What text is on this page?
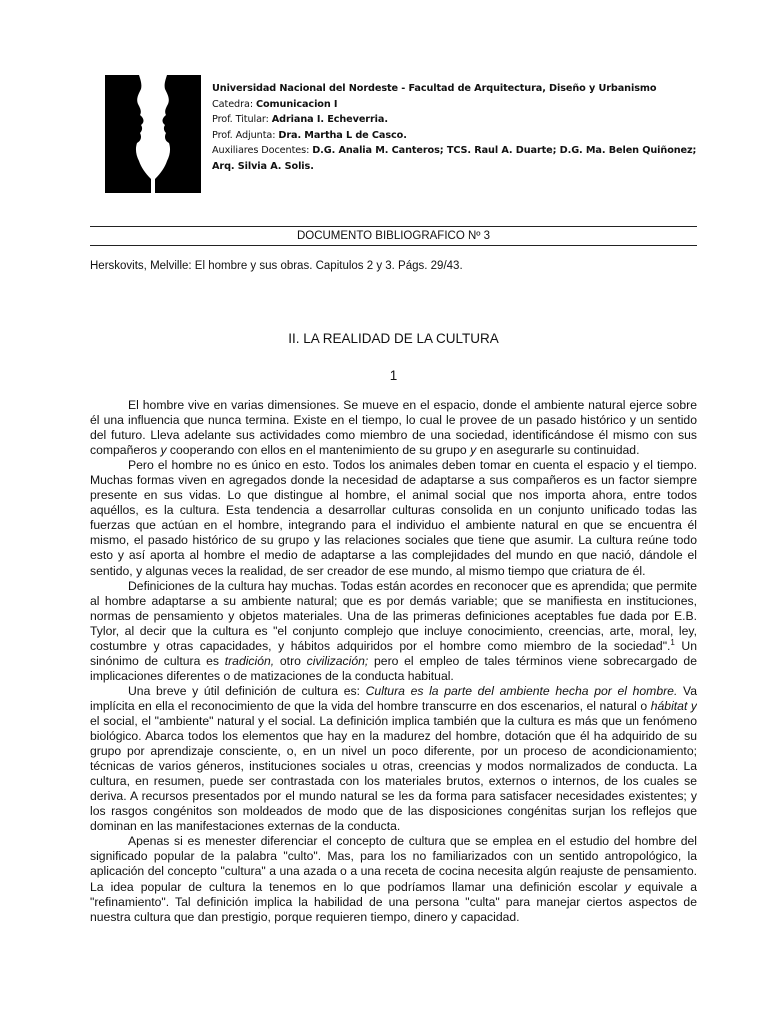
Universidad Nacional del Nordeste - Facultad de Arquitectura, Diseño y Urbanismo
Catedra: Comunicacion I
Prof. Titular: Adriana I. Echeverria.
Prof. Adjunta: Dra. Martha L de Casco.
Auxiliares Docentes: D.G. Analia M. Canteros; TCS. Raul A. Duarte; D.G. Ma. Belen Quiñonez;
Arq. Silvia A. Solis.
DOCUMENTO BIBLIOGRAFICO Nº 3
Herskovits, Melville: El hombre y sus obras. Capitulos 2 y 3. Págs. 29/43.
II. LA REALIDAD DE LA CULTURA
1

El hombre vive en varias dimensiones. Se mueve en el espacio, donde el ambiente natural ejerce sobre él una influencia que nunca termina. Existe en el tiempo, lo cual le provee de un pasado histórico y un sentido del futuro. Lleva adelante sus actividades como miembro de una sociedad, identificándose él mismo con sus compañeros y cooperando con ellos en el mantenimiento de su grupo y en asegurarle su continuidad.

Pero el hombre no es único en esto. Todos los animales deben tomar en cuenta el espacio y el tiempo. Muchas formas viven en agregados donde la necesidad de adaptarse a sus compañeros es un factor siempre presente en sus vidas. Lo que distingue al hombre, el animal social que nos importa ahora, entre todos aquéllos, es la cultura. Esta tendencia a desarrollar culturas consolida en un conjunto unificado todas las fuerzas que actúan en el hombre, integrando para el individuo el ambiente natural en que se encuentra él mismo, el pasado histórico de su grupo y las relaciones sociales que tiene que asumir. La cultura reúne todo esto y así aporta al hombre el medio de adaptarse a las complejidades del mundo en que nació, dándole el sentido, y algunas veces la realidad, de ser creador de ese mundo, al mismo tiempo que criatura de él.

Definiciones de la cultura hay muchas. Todas están acordes en reconocer que es aprendida; que permite al hombre adaptarse a su ambiente natural; que es por demás variable; que se manifiesta en instituciones, normas de pensamiento y objetos materiales. Una de las primeras definiciones aceptables fue dada por E.B. Tylor, al decir que la cultura es "el conjunto complejo que incluye conocimiento, creencias, arte, moral, ley, costumbre y otras capacidades, y hábitos adquiridos por el hombre como miembro de la sociedad".$^1$ Un sinónimo de cultura es tradición, otro civilización; pero el empleo de tales términos viene sobrecargado de implicaciones diferentes o de matizaciones de la conducta habitual.

Una breve y útil definición de cultura es: Cultura es la parte del ambiente hecha por el hombre. Va implícita en ella el reconocimiento de que la vida del hombre transcurre en dos escenarios, el natural o hábitat y el social, el "ambiente" natural y el social. La definición implica también que la cultura es más que un fenómeno biológico. Abarca todos los elementos que hay en la madurez del hombre, dotación que él ha adquirido de su grupo por aprendizaje consciente, o, en un nivel un poco diferente, por un proceso de acondicionamiento; técnicas de varios géneros, instituciones sociales u otras, creencias y modos normalizados de conducta. La cultura, en resumen, puede ser contrastada con los materiales brutos, externos o internos, de los cuales se deriva. A recursos presentados por el mundo natural se les da forma para satisfacer necesidades existentes; y los rasgos congénitos son moldeados de modo que de las disposiciones congénitas surjan los reflejos que dominan en las manifestaciones externas de la conducta.

Apenas si es menester diferenciar el concepto de cultura que se emplea en el estudio del hombre del significado popular de la palabra "culto". Mas, para los no familiarizados con un sentido antropológico, la aplicación del concepto "cultura" a una azada o a una receta de cocina necesita algún reajuste de pensamiento. La idea popular de cultura la tenemos en lo que podríamos llamar una definición escolar y equivale a "refinamiento". Tal definición implica la habilidad de una persona "culta" para manejar ciertos aspectos de nuestra cultura que dan prestigio, porque requieren tiempo, dinero y capacidad.
